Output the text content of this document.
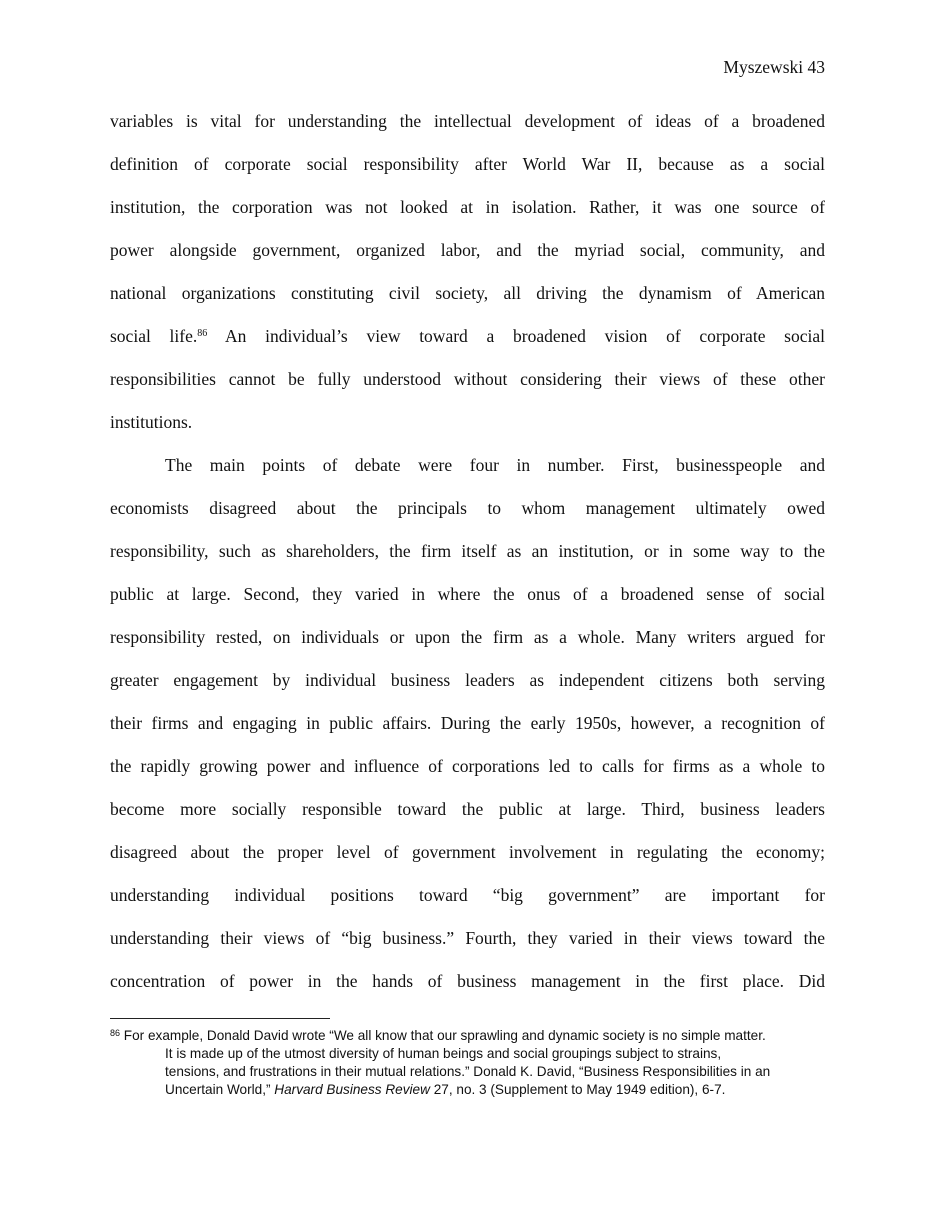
Myszewski 43
variables is vital for understanding the intellectual development of ideas of a broadened
definition of corporate social responsibility after World War II, because as a social
institution, the corporation was not looked at in isolation. Rather, it was one source of
power alongside government, organized labor, and the myriad social, community, and
national organizations constituting civil society, all driving the dynamism of American
social life.$^{86}$ An individual’s view toward a broadened vision of corporate social
responsibilities cannot be fully understood without considering their views of these other
institutions.
The main points of debate were four in number. First, businesspeople and
economists disagreed about the principals to whom management ultimately owed
responsibility, such as shareholders, the firm itself as an institution, or in some way to the
public at large. Second, they varied in where the onus of a broadened sense of social
responsibility rested, on individuals or upon the firm as a whole. Many writers argued for
greater engagement by individual business leaders as independent citizens both serving
their firms and engaging in public affairs. During the early 1950s, however, a recognition of
the rapidly growing power and influence of corporations led to calls for firms as a whole to
become more socially responsible toward the public at large. Third, business leaders
disagreed about the proper level of government involvement in regulating the economy;
understanding individual positions toward “big government” are important for
understanding their views of “big business.” Fourth, they varied in their views toward the
concentration of power in the hands of business management in the first place. Did
$^{86}$ For example, Donald David wrote “We all know that our sprawling and dynamic society is no simple matter.
It is made up of the utmost diversity of human beings and social groupings subject to strains,
tensions, and frustrations in their mutual relations.” Donald K. David, “Business Responsibilities in an
Uncertain World,” Harvard Business Review 27, no. 3 (Supplement to May 1949 edition), 6-7.
